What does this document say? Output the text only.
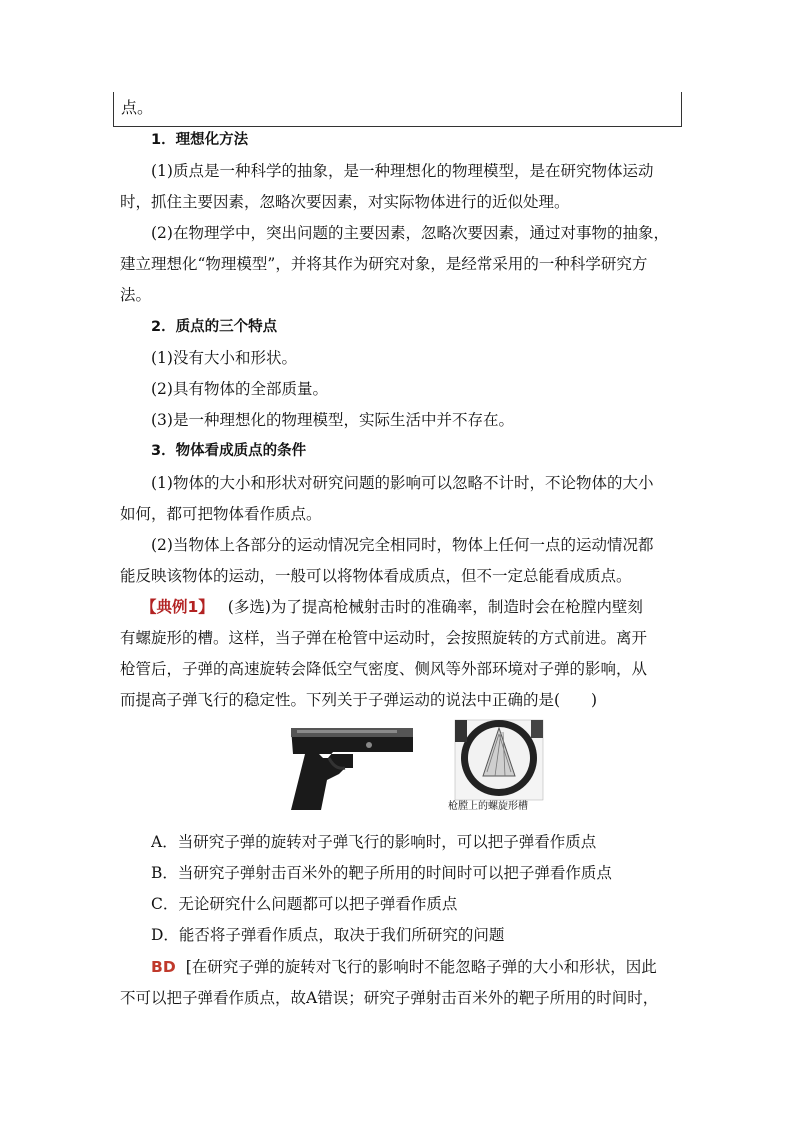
点。
1．理想化方法
(1)质点是一种科学的抽象，是一种理想化的物理模型，是在研究物体运动
时，抓住主要因素，忽略次要因素，对实际物体进行的近似处理。
(2)在物理学中，突出问题的主要因素，忽略次要因素，通过对事物的抽象，
建立理想化“物理模型”，并将其作为研究对象，是经常采用的一种科学研究方
法。
2．质点的三个特点
(1)没有大小和形状。
(2)具有物体的全部质量。
(3)是一种理想化的物理模型，实际生活中并不存在。
3．物体看成质点的条件
(1)物体的大小和形状对研究问题的影响可以忽略不计时，不论物体的大小
如何，都可把物体看作质点。
(2)当物体上各部分的运动情况完全相同时，物体上任何一点的运动情况都
能反映该物体的运动，一般可以将物体看成质点，但不一定总能看成质点。
【典例1】 (多选)为了提高枪械射击时的准确率，制造时会在枪膛内壁刻
有螺旋形的槽。这样，当子弹在枪管中运动时，会按照旋转的方式前进。离开
枪管后，子弹的高速旋转会降低空气密度、侧风等外部环境对子弹的影响，从
而提高子弹飞行的稳定性。下列关于子弹运动的说法中正确的是(　　)
枪膛上的螺旋形槽
A．当研究子弹的旋转对子弹飞行的影响时，可以把子弹看作质点
B．当研究子弹射击百米外的靶子所用的时间时可以把子弹看作质点
C．无论研究什么问题都可以把子弹看作质点
D．能否将子弹看作质点，取决于我们所研究的问题
BD [在研究子弹的旋转对飞行的影响时不能忽略子弹的大小和形状，因此
不可以把子弹看作质点，故A错误；研究子弹射击百米外的靶子所用的时间时，
